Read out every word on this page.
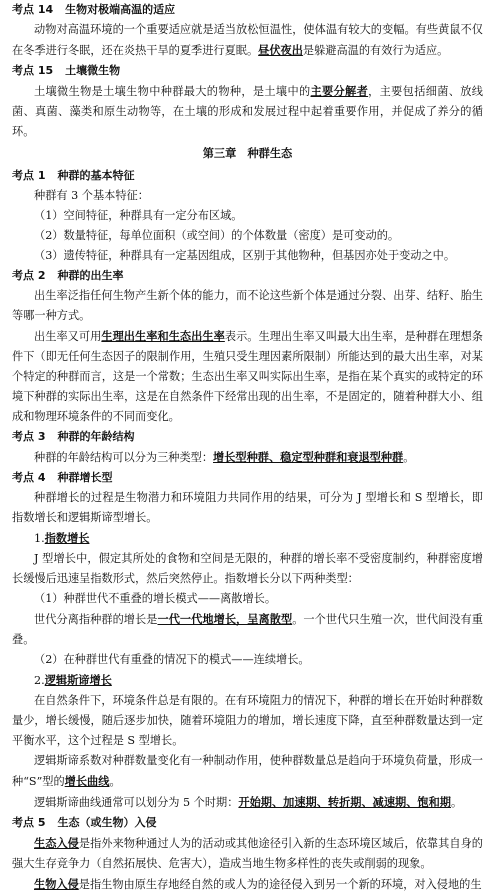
考点 14 生物对极端高温的适应
动物对高温环境的一个重要适应就是适当放松恒温性，使体温有较大的变幅。有些黄鼠不仅在冬季进行冬眠，还在炎热干旱的夏季进行夏眠。昼伏夜出是躲避高温的有效行为适应。
考点 15 土壤微生物
土壤微生物是土壤生物中种群最大的物种，是土壤中的主要分解者，主要包括细菌、放线菌、真菌、藻类和原生动物等，在土壤的形成和发展过程中起着重要作用，并促成了养分的循环。
第三章　种群生态
考点 1 种群的基本特征
种群有 3 个基本特征：
（1）空间特征，种群具有一定分布区域。
（2）数量特征，每单位面积（或空间）的个体数量（密度）是可变动的。
（3）遗传特征，种群具有一定基因组成，区别于其他物种，但基因亦处于变动之中。
考点 2 种群的出生率
出生率泛指任何生物产生新个体的能力，而不论这些新个体是通过分裂、出芽、结籽、胎生等哪一种方式。
出生率又可用生理出生率和生态出生率表示。生理出生率又叫最大出生率，是种群在理想条件下（即无任何生态因子的限制作用，生殖只受生理因素所限制）所能达到的最大出生率，对某个特定的种群而言，这是一个常数；生态出生率又叫实际出生率，是指在某个真实的或特定的环境下种群的实际出生率，这是在自然条件下经常出现的出生率，不是固定的，随着种群大小、组成和物理环境条件的不同而变化。
考点 3 种群的年龄结构
种群的年龄结构可以分为三种类型：增长型种群、稳定型种群和衰退型种群。
考点 4 种群增长型
种群增长的过程是生物潜力和环境阻力共同作用的结果，可分为 J 型增长和 S 型增长，即指数增长和逻辑斯谛型增长。
1.指数增长
J 型增长中，假定其所处的食物和空间是无限的，种群的增长率不受密度制约，种群密度增长缓慢后迅速呈指数形式，然后突然停止。指数增长分以下两种类型：
（1）种群世代不重叠的增长模式——离散增长。
世代分离指种群的增长是一代一代地增长，呈离散型。一个世代只生殖一次，世代间没有重叠。
（2）在种群世代有重叠的情况下的模式——连续增长。
2.逻辑斯谛增长
在自然条件下，环境条件总是有限的。在有环境阻力的情况下，种群的增长在开始时种群数量少，增长缓慢，随后逐步加快，随着环境阻力的增加，增长速度下降，直至种群数量达到一定平衡水平，这个过程是 S 型增长。
逻辑斯谛系数对种群数量变化有一种制动作用，使种群数量总是趋向于环境负荷量，形成一种“S”型的增长曲线。
逻辑斯谛曲线通常可以划分为 5 个时期：开始期、加速期、转折期、减速期、饱和期。
考点 5 生态（或生物）入侵
生态入侵是指外来物种通过人为的活动或其他途径引入新的生态环境区域后，依靠其自身的强大生存竞争力（自然拓展快、危害大），造成当地生物多样性的丧失或削弱的现象。
生物入侵是指生物由原生存地经自然的或人为的途径侵入到另一个新的环境，对入侵地的生
